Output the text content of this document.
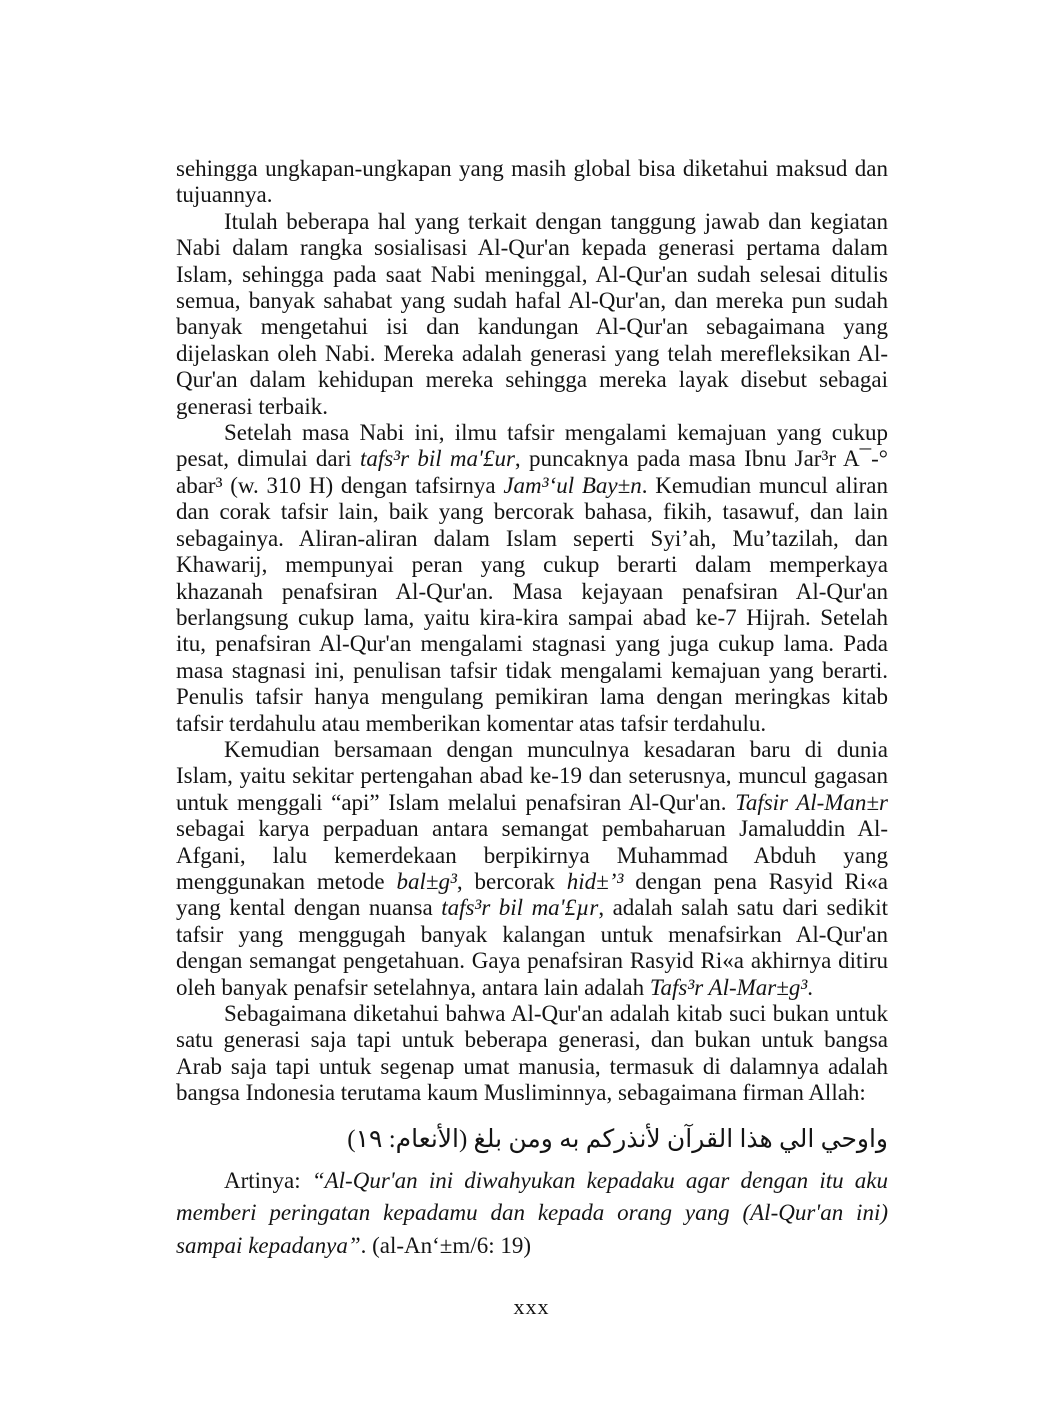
sehingga ungkapan-ungkapan yang masih global bisa diketahui maksud dan tujuannya.

Itulah beberapa hal yang terkait dengan tanggung jawab dan kegiatan Nabi dalam rangka sosialisasi Al-Qur'an kepada generasi pertama dalam Islam, sehingga pada saat Nabi meninggal, Al-Qur'an sudah selesai ditulis semua, banyak sahabat yang sudah hafal Al-Qur'an, dan mereka pun sudah banyak mengetahui isi dan kandungan Al-Qur'an sebagaimana yang dijelaskan oleh Nabi. Mereka adalah generasi yang telah merefleksikan Al-Qur'an dalam kehidupan mereka sehingga mereka layak disebut sebagai generasi terbaik.

Setelah masa Nabi ini, ilmu tafsir mengalami kemajuan yang cukup pesat, dimulai dari tafs³r bil ma'£ur, puncaknya pada masa Ibnu Jar³r A¯-° abar³ (w. 310 H) dengan tafsirnya Jam³‘ul Bay±n. Kemudian muncul aliran dan corak tafsir lain, baik yang bercorak bahasa, fikih, tasawuf, dan lain sebagainya. Aliran-aliran dalam Islam seperti Syi’ah, Mu’tazilah, dan Khawarij, mempunyai peran yang cukup berarti dalam memperkaya khazanah penafsiran Al-Qur'an. Masa kejayaan penafsiran Al-Qur'an berlangsung cukup lama, yaitu kira-kira sampai abad ke-7 Hijrah. Setelah itu, penafsiran Al-Qur'an mengalami stagnasi yang juga cukup lama. Pada masa stagnasi ini, penulisan tafsir tidak mengalami kemajuan yang berarti. Penulis tafsir hanya mengulang pemikiran lama dengan meringkas kitab tafsir terdahulu atau memberikan komentar atas tafsir terdahulu.

Kemudian bersamaan dengan munculnya kesadaran baru di dunia Islam, yaitu sekitar pertengahan abad ke-19 dan seterusnya, muncul gagasan untuk menggali “api” Islam melalui penafsiran Al-Qur'an. Tafsir Al-Man±r sebagai karya perpaduan antara semangat pembaharuan Jamaluddin Al-Afgani, lalu kemerdekaan berpikirnya Muhammad Abduh yang menggunakan metode bal±g³, bercorak hid±’³ dengan pena Rasyid Ri«a yang kental dengan nuansa tafs³r bil ma'£µr, adalah salah satu dari sedikit tafsir yang menggugah banyak kalangan untuk menafsirkan Al-Qur'an dengan semangat pengetahuan. Gaya penafsiran Rasyid Ri«a akhirnya ditiru oleh banyak penafsir setelahnya, antara lain adalah Tafs³r Al-Mar±g³.

Sebagaimana diketahui bahwa Al-Qur'an adalah kitab suci bukan untuk satu generasi saja tapi untuk beberapa generasi, dan bukan untuk bangsa Arab saja tapi untuk segenap umat manusia, termasuk di dalamnya adalah bangsa Indonesia terutama kaum Musliminnya, sebagaimana firman Allah:

واوحي الي هذا القرآن لأنذركم به ومن بلغ (الأنعام: ١٩)

Artinya: “Al-Qur'an ini diwahyukan kepadaku agar dengan itu aku memberi peringatan kepadamu dan kepada orang yang (Al-Qur'an ini) sampai kepadanya”. (al-An‘±m/6: 19)

xxx
